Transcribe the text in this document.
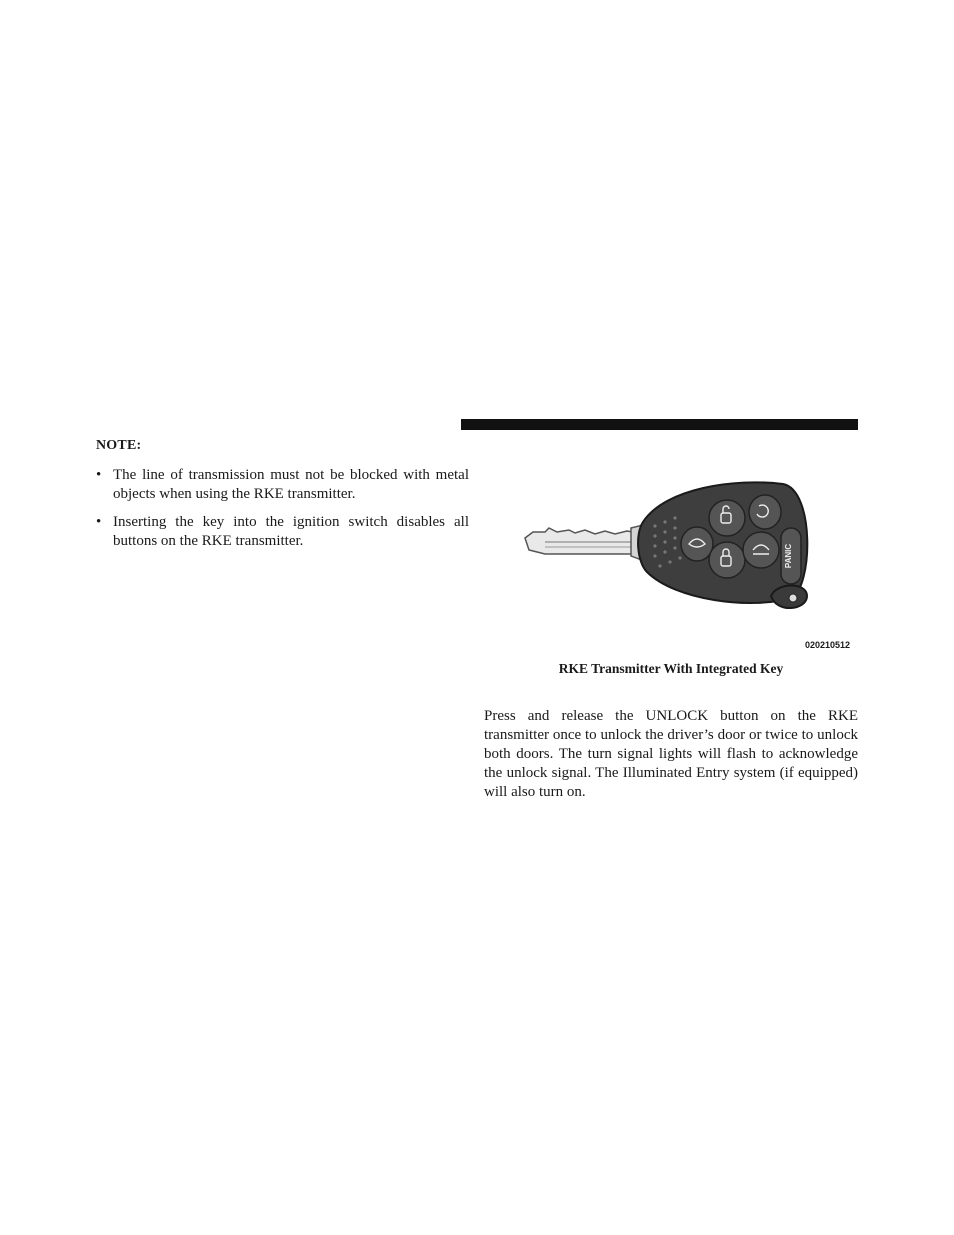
NOTE:
• The line of transmission must not be blocked with metal objects when using the RKE transmitter.
• Inserting the key into the ignition switch disables all buttons on the RKE transmitter.
PANIC
020210512
RKE Transmitter With Integrated Key

Press and release the UNLOCK button on the RKE transmitter once to unlock the driver’s door or twice to unlock both doors. The turn signal lights will flash to acknowledge the unlock signal. The Illuminated Entry system (if equipped) will also turn on.
